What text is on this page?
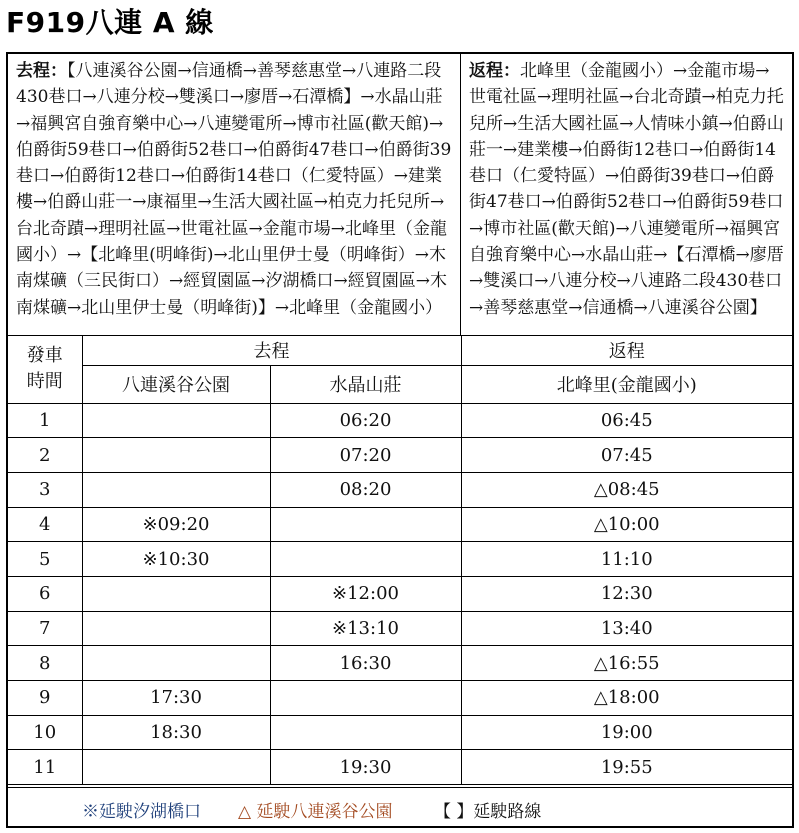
F919八連 A 線
去程：【八連溪谷公園→信通橋→善琴慈惠堂→八連路二段430巷口→八連分校→雙溪口→廖厝→石潭橋】→水晶山莊→福興宮自強育樂中心→八連變電所→博市社區(歡天館)→伯爵街59巷口→伯爵街52巷口→伯爵街47巷口→伯爵街39巷口→伯爵街12巷口→伯爵街14巷口（仁愛特區）→建業樓→伯爵山莊一→康福里→生活大國社區→柏克力托兒所→台北奇蹟→理明社區→世電社區→金龍市場→北峰里（金龍國小）→【北峰里(明峰街)→北山里伊士曼（明峰街）→木南煤礦（三民街口）→經貿園區→汐湖橋口→經貿園區→木南煤礦→北山里伊士曼（明峰街)】→北峰里（金龍國小）
返程：北峰里（金龍國小）→金龍市場→世電社區→理明社區→台北奇蹟→柏克力托兒所→生活大國社區→人情味小鎮→伯爵山莊一→建業樓→伯爵街12巷口→伯爵街14巷口（仁愛特區）→伯爵街39巷口→伯爵街47巷口→伯爵街52巷口→伯爵街59巷口→博市社區(歡天館)→八連變電所→福興宮自強育樂中心→水晶山莊→【石潭橋→廖厝→雙溪口→八連分校→八連路二段430巷口→善琴慈惠堂→信通橋→八連溪谷公園】
發車
時間	去程		返程
	八連溪谷公園	水晶山莊	北峰里(金龍國小)
1		06:20	06:45
2		07:20	07:45
3		08:20	△08:45
4	※09:20		△10:00
5	※10:30		11:10
6		※12:00	12:30
7		※13:10	13:40
8		16:30	△16:55
9	17:30		△18:00
10	18:30		19:00
11		19:30	19:55
※延駛汐湖橋口 △ 延駛八連溪谷公園 【 】延駛路線
